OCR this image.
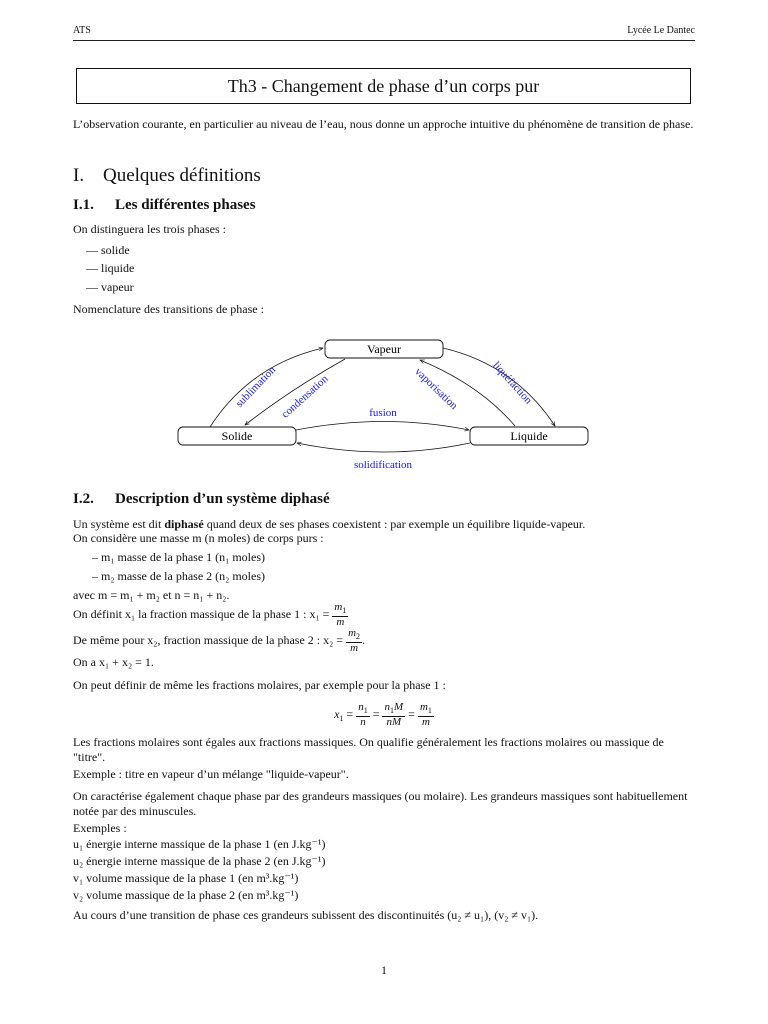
ATS	Lycée Le Dantec
Th3 - Changement de phase d’un corps pur
L’observation courante, en particulier au niveau de l’eau, nous donne un approche intuitive du phénomène de transition de phase.
I. Quelques définitions
I.1. Les différentes phases
On distinguera les trois phases :
— solide
— liquide
— vapeur
Nomenclature des transitions de phase :
Vapeur
Solide	Liquide
sublimation condensation	vaporisation	liquéfaction
fusion
solidification
I.2. Description d’un système diphasé
Un système est dit diphasé quand deux de ses phases coexistent : par exemple un équilibre liquide-vapeur.
On considère une masse m (n moles) de corps purs :
– m₁ masse de la phase 1 (n₁ moles)
– m₂ masse de la phase 2 (n₂ moles)
avec m = m₁ + m₂ et n = n₁ + n₂.
On définit x₁ la fraction massique de la phase 1 : $x_1 = \frac{m_1}{m}$
De même pour x₂, fraction massique de la phase 2 : $x_2 = \frac{m_2}{m}$ .
On a x₁ + x₂ = 1.
On peut définir de même les fractions molaires, par exemple pour la phase 1 :
$x_1 = \frac{n_1}{n} = \frac{n_1M}{nM} = \frac{m_1}{m}$
Les fractions molaires sont égales aux fractions massiques. On qualifie généralement les fractions molaires ou massique de "titre".
Exemple : titre en vapeur d’un mélange "liquide-vapeur".
On caractérise également chaque phase par des grandeurs massiques (ou molaire). Les grandeurs massiques sont habituellement notée par des minuscules.
Exemples :
u₁ énergie interne massique de la phase 1 (en J.kg⁻¹)
u₂ énergie interne massique de la phase 2 (en J.kg⁻¹)
v₁ volume massique de la phase 1 (en m³.kg⁻¹)
v₂ volume massique de la phase 2 (en m³.kg⁻¹)
Au cours d’une transition de phase ces grandeurs subissent des discontinuités (u₂ ≠ u₁), (v₂ ≠ v₁).
1
